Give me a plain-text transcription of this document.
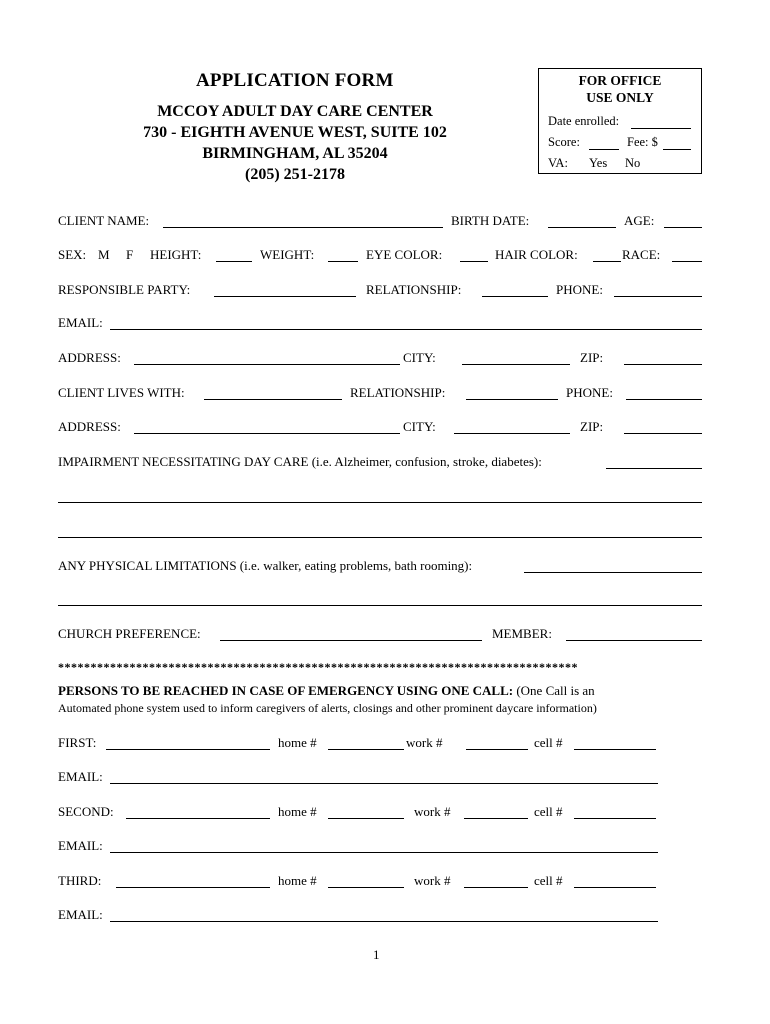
APPLICATION FORM
MCCOY ADULT DAY CARE CENTER
730 - EIGHTH AVENUE WEST, SUITE 102
BIRMINGHAM, AL 35204
(205) 251-2178
FOR OFFICE
USE ONLY
Date enrolled:
Score:	Fee: $
VA: Yes No
CLIENT NAME:	BIRTH DATE:	AGE:
SEX: M F HEIGHT:	WEIGHT:	EYE COLOR:	HAIR COLOR:	RACE:
RESPONSIBLE PARTY:	RELATIONSHIP:	PHONE:
EMAIL:
ADDRESS:	CITY:	ZIP:
CLIENT LIVES WITH:	RELATIONSHIP:	PHONE:
ADDRESS:	CITY:	ZIP:
IMPAIRMENT NECESSITATING DAY CARE (i.e. Alzheimer, confusion, stroke, diabetes):
ANY PHYSICAL LIMITATIONS (i.e. walker, eating problems, bath rooming):
CHURCH PREFERENCE:	MEMBER:
********************************************************************************
PERSONS TO BE REACHED IN CASE OF EMERGENCY USING ONE CALL: (One Call is an
Automated phone system used to inform caregivers of alerts, closings and other prominent daycare information)
FIRST:	home #	work #	cell #
EMAIL:
SECOND:	home #	work #	cell #
EMAIL:
THIRD:	home #	work #	cell #
EMAIL:
1
